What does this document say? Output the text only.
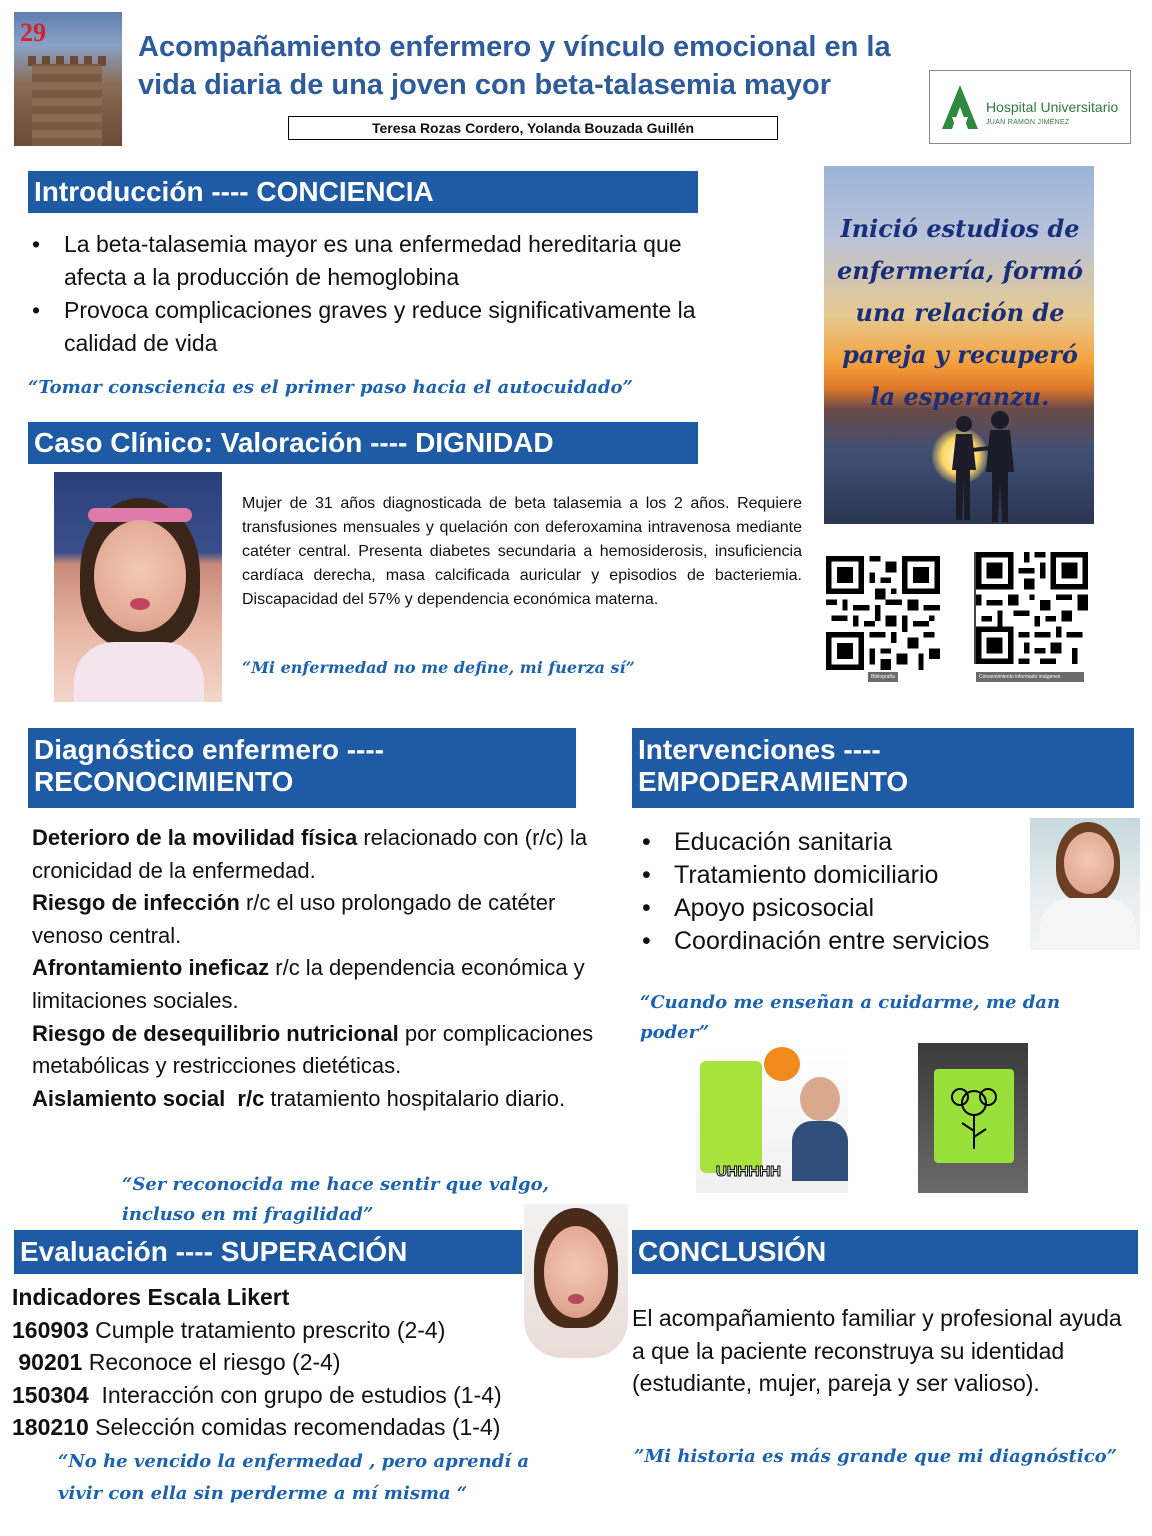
29	Acompañamiento enfermero y vínculo emocional en la vida diaria de una joven con beta-talasemia mayor
Teresa Rozas Cordero, Yolanda Bouzada Guillén
Hospital Universitario
JUAN RAMÓN JIMÉNEZ
Introducción ---- CONCIENCIA
• La beta-talasemia mayor es una enfermedad hereditaria que afecta a la producción de hemoglobina
• Provoca complicaciones graves y reduce significativamente la calidad de vida
“Tomar consciencia es el primer paso hacia el autocuidado”
Inició estudios de enfermería, formó una relación de pareja y recuperó la esperanzu.
Caso Clínico: Valoración ---- DIGNIDAD
Mujer de 31 años diagnosticada de beta talasemia a los 2 años. Requiere transfusiones mensuales y quelación con deferoxamina intravenosa mediante catéter central. Presenta diabetes secundaria a hemosiderosis, insuficiencia cardíaca derecha, masa calcificada auricular y episodios de bacteriemia. Discapacidad del 57% y dependencia económica materna.
“Mi enfermedad no me define, mi fuerza sí”	Biblografía	Consentimiento informado imágenes
Diagnóstico enfermero ----
RECONOCIMIENTO
Deterioro de la movilidad física relacionado con (r/c) la cronicidad de la enfermedad.
Riesgo de infección r/c el uso prolongado de catéter venoso central.
Afrontamiento ineficaz r/c la dependencia económica y limitaciones sociales.
Riesgo de desequilibrio nutricional por complicaciones metabólicas y restricciones dietéticas.
Aislamiento social  r/c tratamiento hospitalario diario.
“Ser reconocida me hace sentir que valgo, incluso en mi fragilidad”
Intervenciones ----
EMPODERAMIENTO
• Educación sanitaria
• Tratamiento domiciliario
• Apoyo psicosocial
• Coordinación entre servicios
“Cuando me enseñan a cuidarme, me dan poder”
UHHHHH
Evaluación ---- SUPERACIÓN
Indicadores Escala Likert
160903 Cumple tratamiento prescrito (2-4)
90201 Reconoce el riesgo (2-4)
150304  Interacción con grupo de estudios (1-4)
180210 Selección comidas recomendadas (1-4)
“No he vencido la enfermedad , pero aprendí a vivir con ella sin perderme a mí misma “
CONCLUSIÓN
El acompañamiento familiar y profesional ayuda a que la paciente reconstruya su identidad (estudiante, mujer, pareja y ser valioso).
”Mi historia es más grande que mi diagnóstico”
